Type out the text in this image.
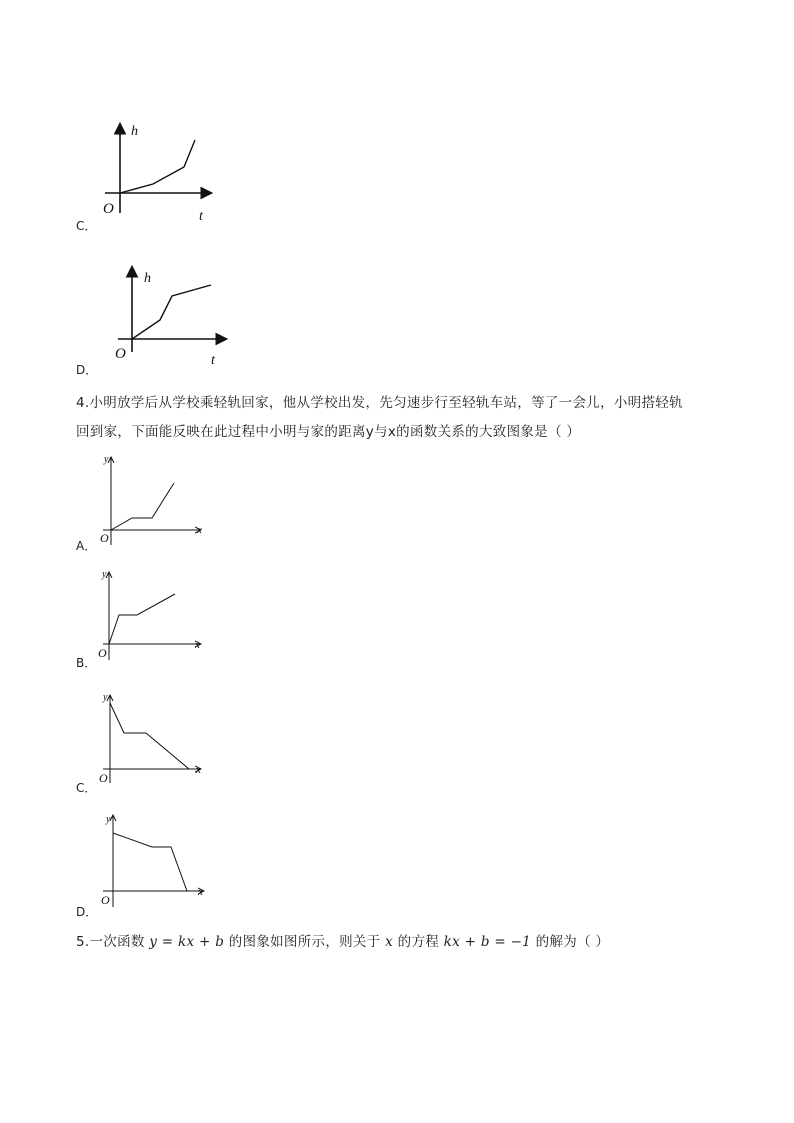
h
t
O
C．
h
t
O
D．
4.小明放学后从学校乘轻轨回家，他从学校出发，先匀速步行至轻轨车站，等了一会儿，小明搭轻轨
回到家，下面能反映在此过程中小明与家的距离y与x的函数关系的大致图象是（ ）
y
x
O
A．
y
x
O
B．
y
x
O
C．
y
x
O
D．
5.一次函数 y = kx + b 的图象如图所示，则关于 x 的方程 kx + b = −1 的解为（ ）
